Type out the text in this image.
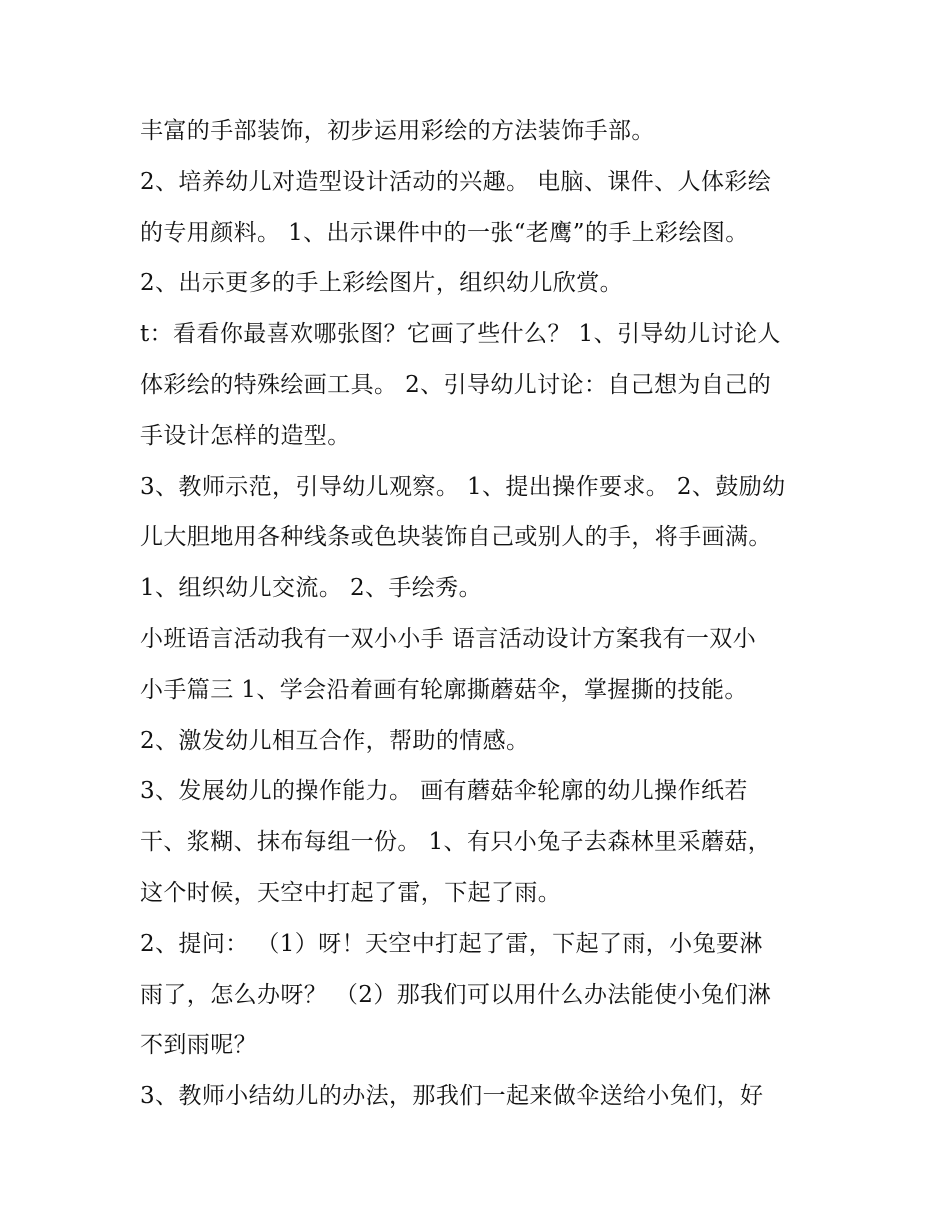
丰富的手部装饰，初步运用彩绘的方法装饰手部。
2、培养幼儿对造型设计活动的兴趣。 电脑、课件、人体彩绘
的专用颜料。 1、出示课件中的一张“老鹰”的手上彩绘图。
2、出示更多的手上彩绘图片，组织幼儿欣赏。
t：看看你最喜欢哪张图？它画了些什么？ 1、引导幼儿讨论人
体彩绘的特殊绘画工具。 2、引导幼儿讨论：自己想为自己的
手设计怎样的造型。
3、教师示范，引导幼儿观察。 1、提出操作要求。 2、鼓励幼
儿大胆地用各种线条或色块装饰自己或别人的手，将手画满。
1、组织幼儿交流。 2、手绘秀。
小班语言活动我有一双小小手 语言活动设计方案我有一双小
小手篇三 1、学会沿着画有轮廓撕蘑菇伞，掌握撕的技能。
2、激发幼儿相互合作，帮助的情感。
3、发展幼儿的操作能力。 画有蘑菇伞轮廓的幼儿操作纸若
干、浆糊、抹布每组一份。 1、有只小兔子去森林里采蘑菇，
这个时候，天空中打起了雷，下起了雨。
2、提问： （1）呀！天空中打起了雷，下起了雨，小兔要淋
雨了，怎么办呀？ （2）那我们可以用什么办法能使小兔们淋
不到雨呢？
3、教师小结幼儿的办法，那我们一起来做伞送给小兔们，好
